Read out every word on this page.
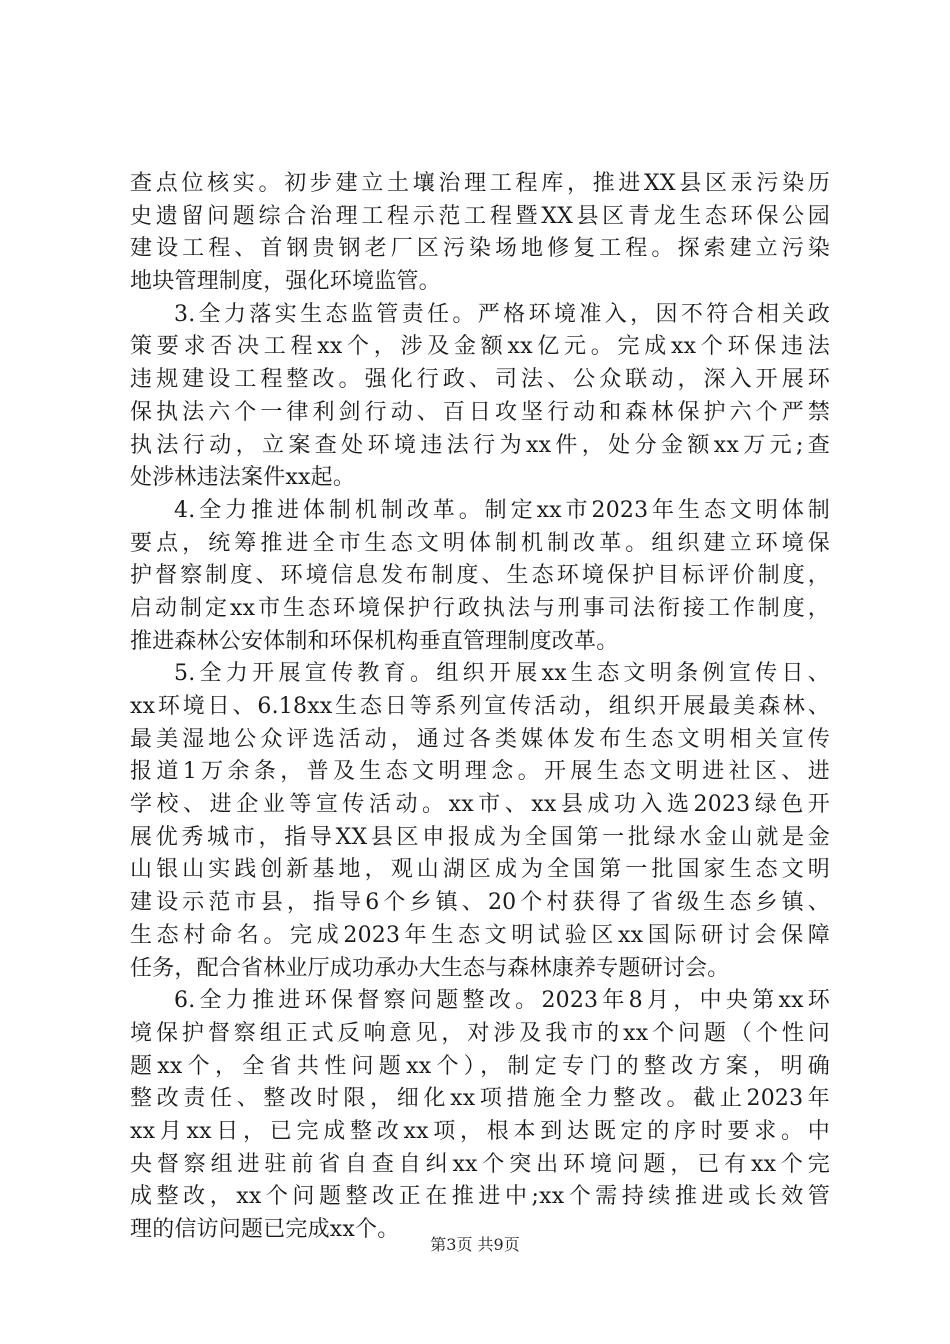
查点位核实。初步建立土壤治理工程库，推进XX县区汞污染历
史遗留问题综合治理工程示范工程暨XX县区青龙生态环保公园
建设工程、首钢贵钢老厂区污染场地修复工程。探索建立污染
地块管理制度，强化环境监管。
3.全力落实生态监管责任。严格环境准入，因不符合相关政
策要求否决工程xx个，涉及金额xx亿元。完成xx个环保违法
违规建设工程整改。强化行政、司法、公众联动，深入开展环
保执法六个一律利剑行动、百日攻坚行动和森林保护六个严禁
执法行动，立案查处环境违法行为xx件，处分金额xx万元;查
处涉林违法案件xx起。
4.全力推进体制机制改革。制定xx市2023年生态文明体制
要点，统筹推进全市生态文明体制机制改革。组织建立环境保
护督察制度、环境信息发布制度、生态环境保护目标评价制度，
启动制定xx市生态环境保护行政执法与刑事司法衔接工作制度，
推进森林公安体制和环保机构垂直管理制度改革。
5.全力开展宣传教育。组织开展xx生态文明条例宣传日、
xx环境日、6.18xx生态日等系列宣传活动，组织开展最美森林、
最美湿地公众评选活动，通过各类媒体发布生态文明相关宣传
报道1万余条，普及生态文明理念。开展生态文明进社区、进
学校、进企业等宣传活动。xx市、xx县成功入选2023绿色开
展优秀城市，指导XX县区申报成为全国第一批绿水金山就是金
山银山实践创新基地，观山湖区成为全国第一批国家生态文明
建设示范市县，指导6个乡镇、20个村获得了省级生态乡镇、
生态村命名。完成2023年生态文明试验区xx国际研讨会保障
任务，配合省林业厅成功承办大生态与森林康养专题研讨会。
6.全力推进环保督察问题整改。2023年8月，中央第xx环
境保护督察组正式反响意见，对涉及我市的xx个问题（个性问
题xx个，全省共性问题xx个），制定专门的整改方案，明确
整改责任、整改时限，细化xx项措施全力整改。截止2023年
xx月xx日，已完成整改xx项，根本到达既定的序时要求。中
央督察组进驻前省自查自纠xx个突出环境问题，已有xx个完
成整改，xx个问题整改正在推进中;xx个需持续推进或长效管
理的信访问题已完成xx个。
第3页 共9页
